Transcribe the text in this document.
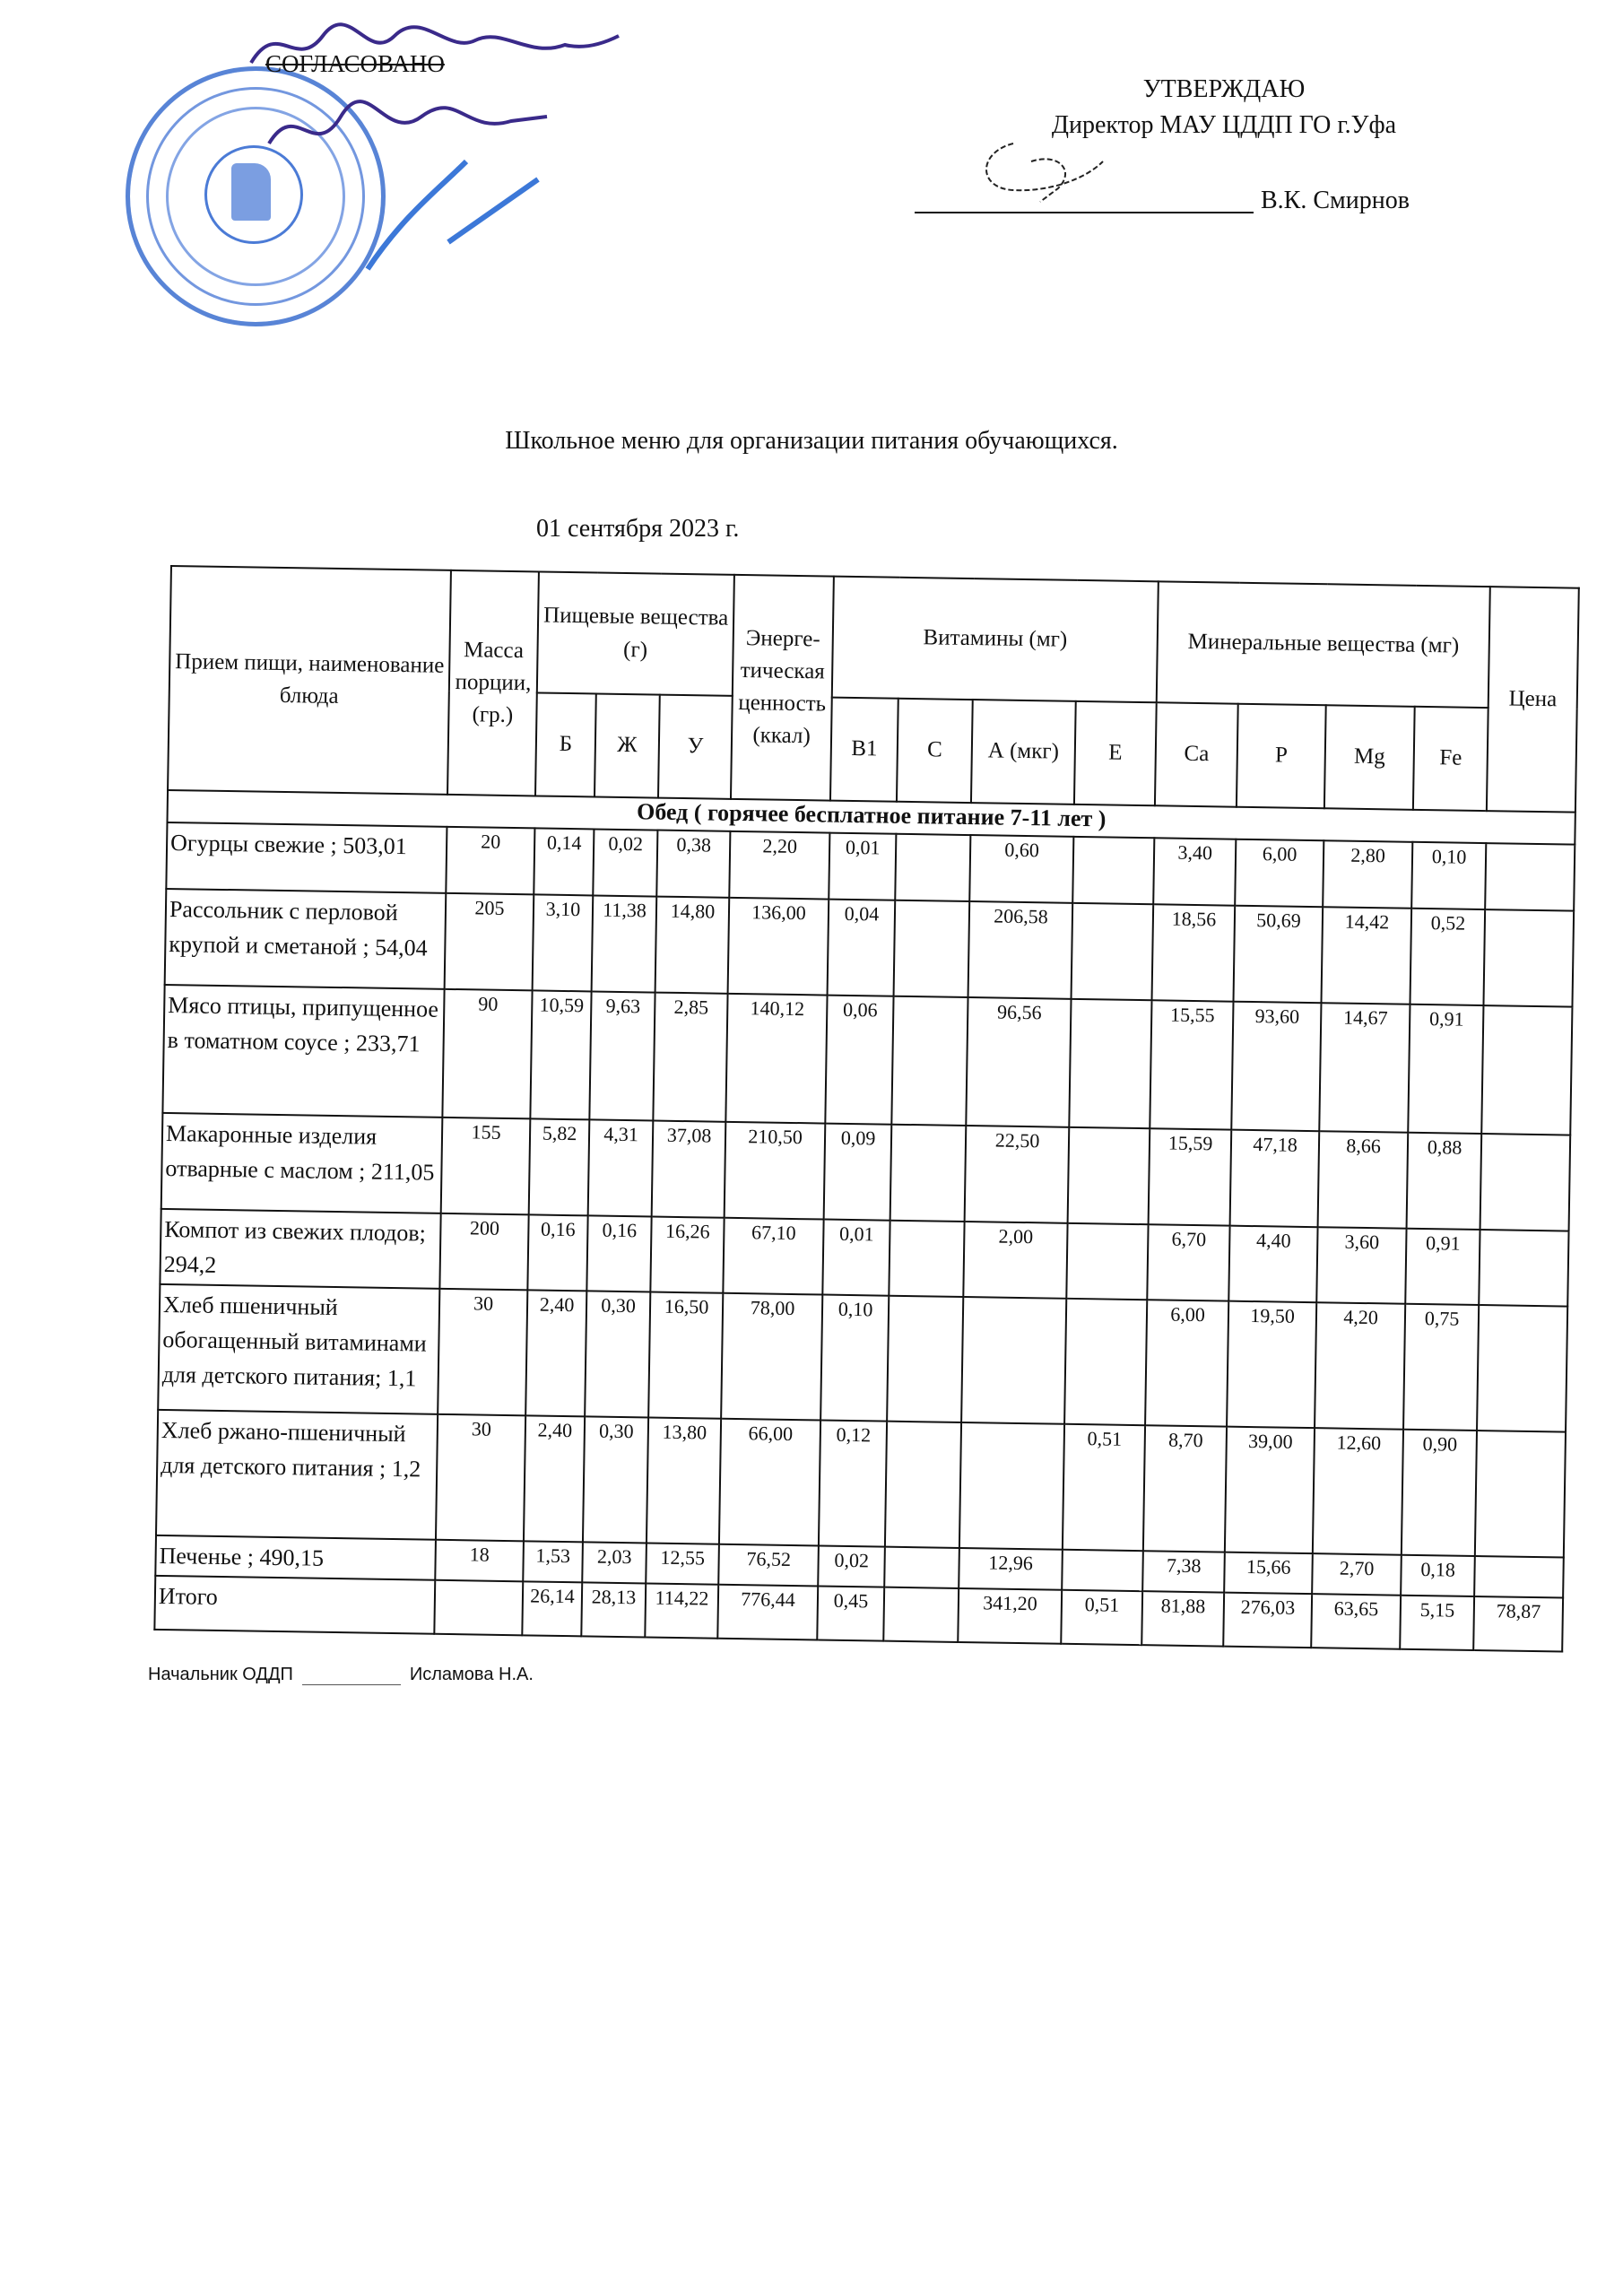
СОГЛАСОВАНО
УТВЕРЖДАЮ
Директор МАУ ЦДДП ГО г.Уфа
В.К. Смирнов
Школьное меню для организации питания обучающихся.
01 сентября 2023 г.
Прием пищи, наименование блюда	Масса порции, (гр.)	Пищевые вещества (г)			Энерге-тическая ценность (ккал)	Витамины (мг)				Минеральные вещества (мг)				Цена
		Б	Ж	У		B1	C	А (мкг)	E	Ca	P	Mg	Fe	
Обед ( горячее бесплатное питание 7-11 лет )														
Огурцы свежие ; 503,01	20	0,14	0,02	0,38	2,20	0,01		0,60		3,40	6,00	2,80	0,10	
Рассольник с перловой крупой и сметаной ; 54,04	205	3,10	11,38	14,80	136,00	0,04		206,58		18,56	50,69	14,42	0,52	
Мясо птицы, припущенное в томатном соусе ; 233,71	90	10,59	9,63	2,85	140,12	0,06		96,56		15,55	93,60	14,67	0,91	
Макаронные изделия отварные с маслом ; 211,05	155	5,82	4,31	37,08	210,50	0,09		22,50		15,59	47,18	8,66	0,88	
Компот из свежих плодов; 294,2	200	0,16	0,16	16,26	67,10	0,01		2,00		6,70	4,40	3,60	0,91	
Хлеб пшеничный обогащенный витаминами для детского питания; 1,1	30	2,40	0,30	16,50	78,00	0,10				6,00	19,50	4,20	0,75	
Хлеб ржано-пшеничный для детского питания ; 1,2	30	2,40	0,30	13,80	66,00	0,12			0,51	8,70	39,00	12,60	0,90	
Печенье ; 490,15	18	1,53	2,03	12,55	76,52	0,02		12,96		7,38	15,66	2,70	0,18	
Итого		26,14	28,13	114,22	776,44	0,45		341,20	0,51	81,88	276,03	63,65	5,15	78,87
Начальник ОДДП	Исламова Н.А.
